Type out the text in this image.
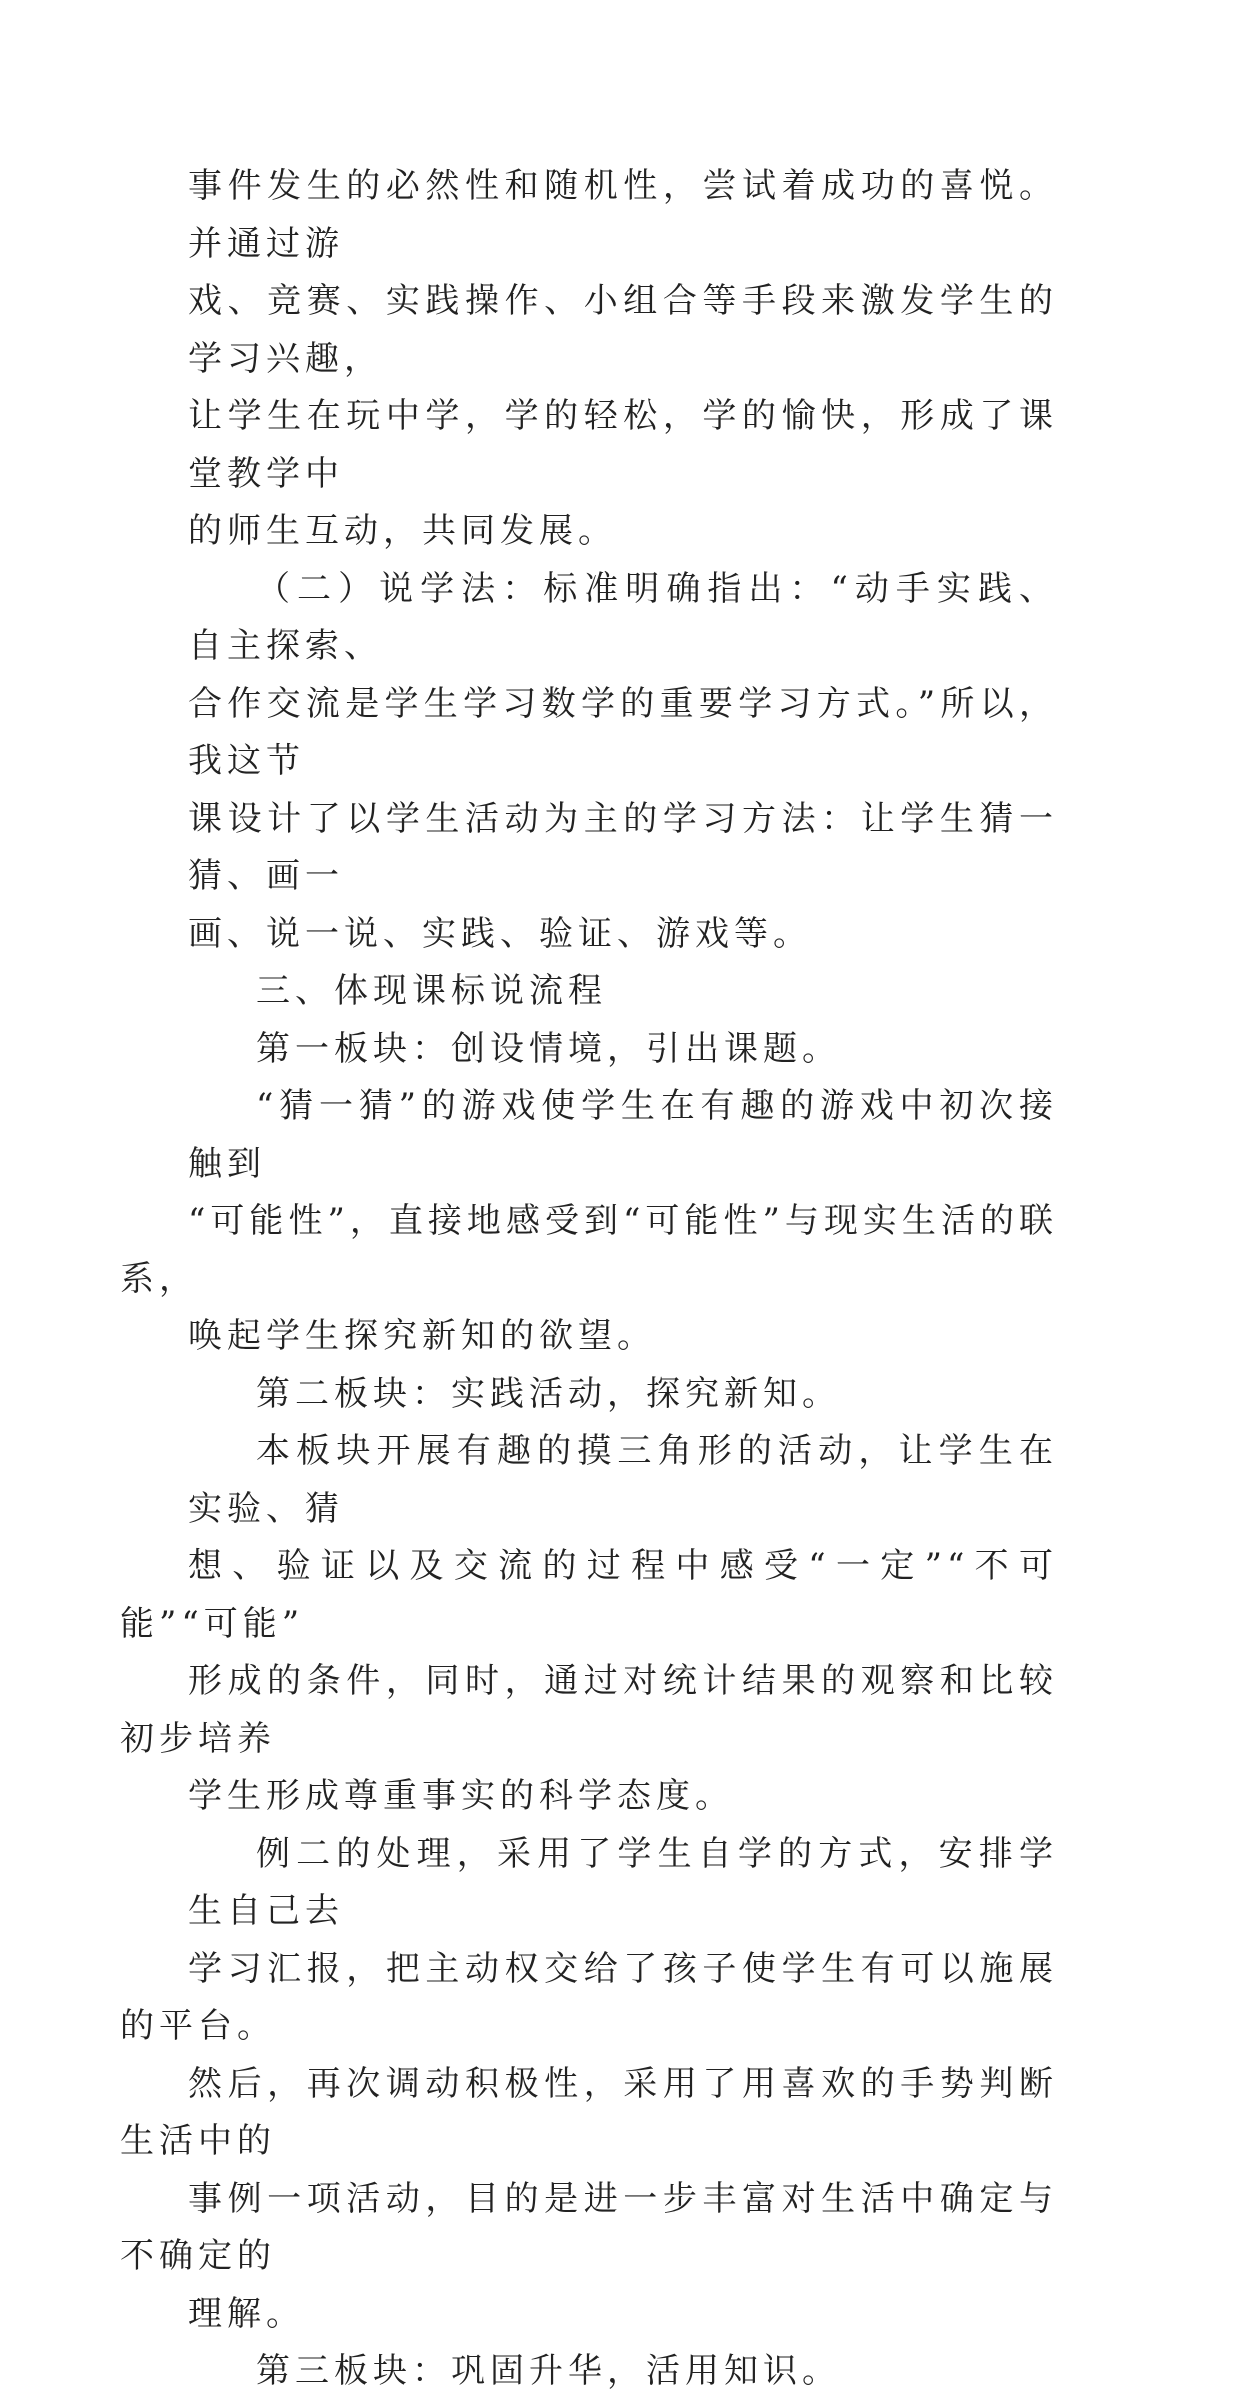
事件发生的必然性和随机性，尝试着成功的喜悦。并通过游
戏、竞赛、实践操作、小组合等手段来激发学生的学习兴趣，
让学生在玩中学，学的轻松，学的愉快，形成了课堂教学中
的师生互动，共同发展。

（二）说学法：标准明确指出：“动手实践、自主探索、
合作交流是学生学习数学的重要学习方式。”所以，我这节
课设计了以学生活动为主的学习方法：让学生猜一猜、画一
画、说一说、实践、验证、游戏等。

三、体现课标说流程

第一板块：创设情境，引出课题。

“猜一猜”的游戏使学生在有趣的游戏中初次接触到
“可能性”，直接地感受到“可能性”与现实生活的联系，
唤起学生探究新知的欲望。

第二板块：实践活动，探究新知。

本板块开展有趣的摸三角形的活动，让学生在实验、猜
想、验证以及交流的过程中感受“一定”“不可能”“可能”
形成的条件，同时，通过对统计结果的观察和比较初步培养
学生形成尊重事实的科学态度。

例二的处理，采用了学生自学的方式，安排学生自己去
学习汇报，把主动权交给了孩子使学生有可以施展的平台。
然后，再次调动积极性，采用了用喜欢的手势判断生活中的
事例一项活动，目的是进一步丰富对生活中确定与不确定的
理解。

第三板块：巩固升华，活用知识。
